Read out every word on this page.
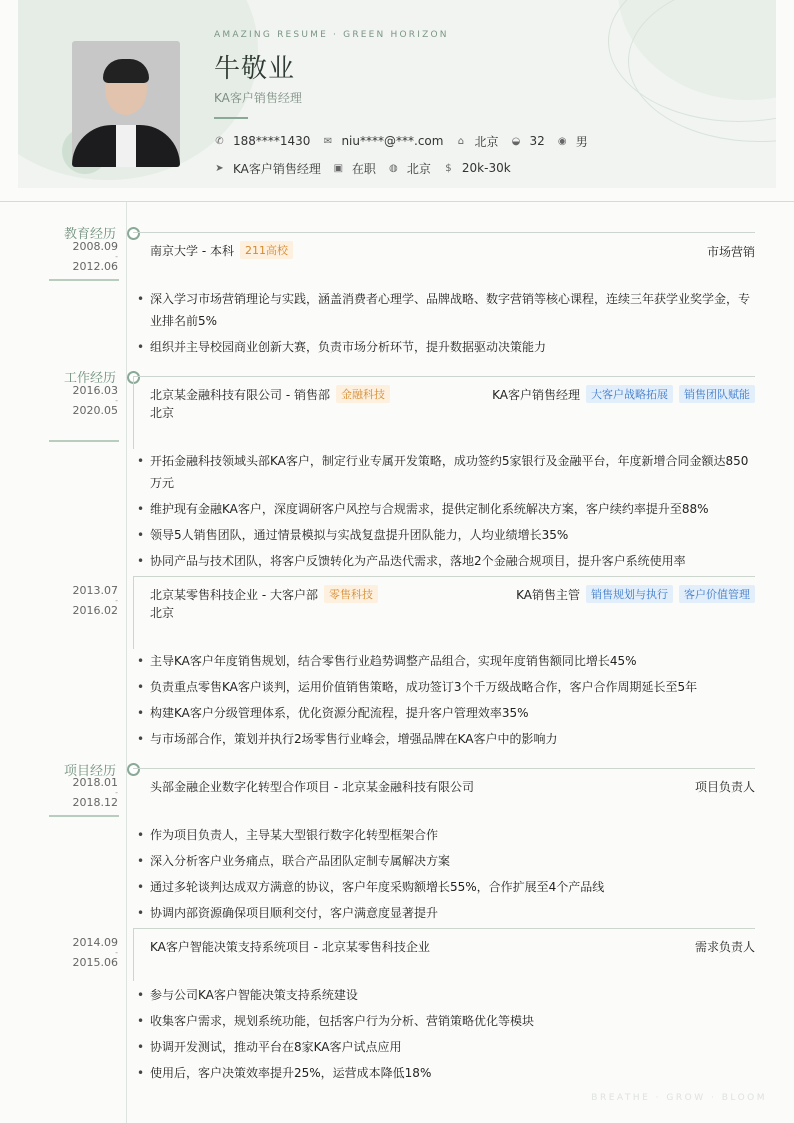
AMAZING RESUME · GREEN HORIZON
牛敬业
KA客户销售经理
✆ 188****1430 ✉ niu****@***.com ⌂ 北京 ◒ 32 ◉ 男
➤ KA客户销售经理 ▣ 在职 ◍ 北京 $ 20k-30k
教育经历
2008.09
-
2012.06
南京大学 - 本科	211高校	市场营销
• 深入学习市场营销理论与实践，涵盖消费者心理学、品牌战略、数字营销等核心课程，连续三年获学业奖学金，专业排名前5%
• 组织并主导校园商业创新大赛，负责市场分析环节，提升数据驱动决策能力
工作经历
2016.03
-
2020.05
北京某金融科技有限公司 - 销售部	金融科技	KA客户销售经理	大客户战略拓展	销售团队赋能
北京
• 开拓金融科技领域头部KA客户，制定行业专属开发策略，成功签约5家银行及金融平台，年度新增合同金额达850万元
• 维护现有金融KA客户，深度调研客户风控与合规需求，提供定制化系统解决方案，客户续约率提升至88%
• 领导5人销售团队，通过情景模拟与实战复盘提升团队能力，人均业绩增长35%
• 协同产品与技术团队，将客户反馈转化为产品迭代需求，落地2个金融合规项目，提升客户系统使用率
2013.07
-
2016.02
北京某零售科技企业 - 大客户部	零售科技	KA销售主管	销售规划与执行	客户价值管理
北京
• 主导KA客户年度销售规划，结合零售行业趋势调整产品组合，实现年度销售额同比增长45%
• 负责重点零售KA客户谈判，运用价值销售策略，成功签订3个千万级战略合作，客户合作周期延长至5年
• 构建KA客户分级管理体系，优化资源分配流程，提升客户管理效率35%
• 与市场部合作，策划并执行2场零售行业峰会，增强品牌在KA客户中的影响力
项目经历
2018.01
-
2018.12
头部金融企业数字化转型合作项目 - 北京某金融科技有限公司	项目负责人
• 作为项目负责人，主导某大型银行数字化转型框架合作
• 深入分析客户业务痛点，联合产品团队定制专属解决方案
• 通过多轮谈判达成双方满意的协议，客户年度采购额增长55%，合作扩展至4个产品线
• 协调内部资源确保项目顺利交付，客户满意度显著提升
2014.09
-
2015.06
KA客户智能决策支持系统项目 - 北京某零售科技企业	需求负责人
• 参与公司KA客户智能决策支持系统建设
• 收集客户需求，规划系统功能，包括客户行为分析、营销策略优化等模块
• 协调开发测试，推动平台在8家KA客户试点应用
• 使用后，客户决策效率提升25%，运营成本降低18%
BREATHE · GROW · BLOOM
